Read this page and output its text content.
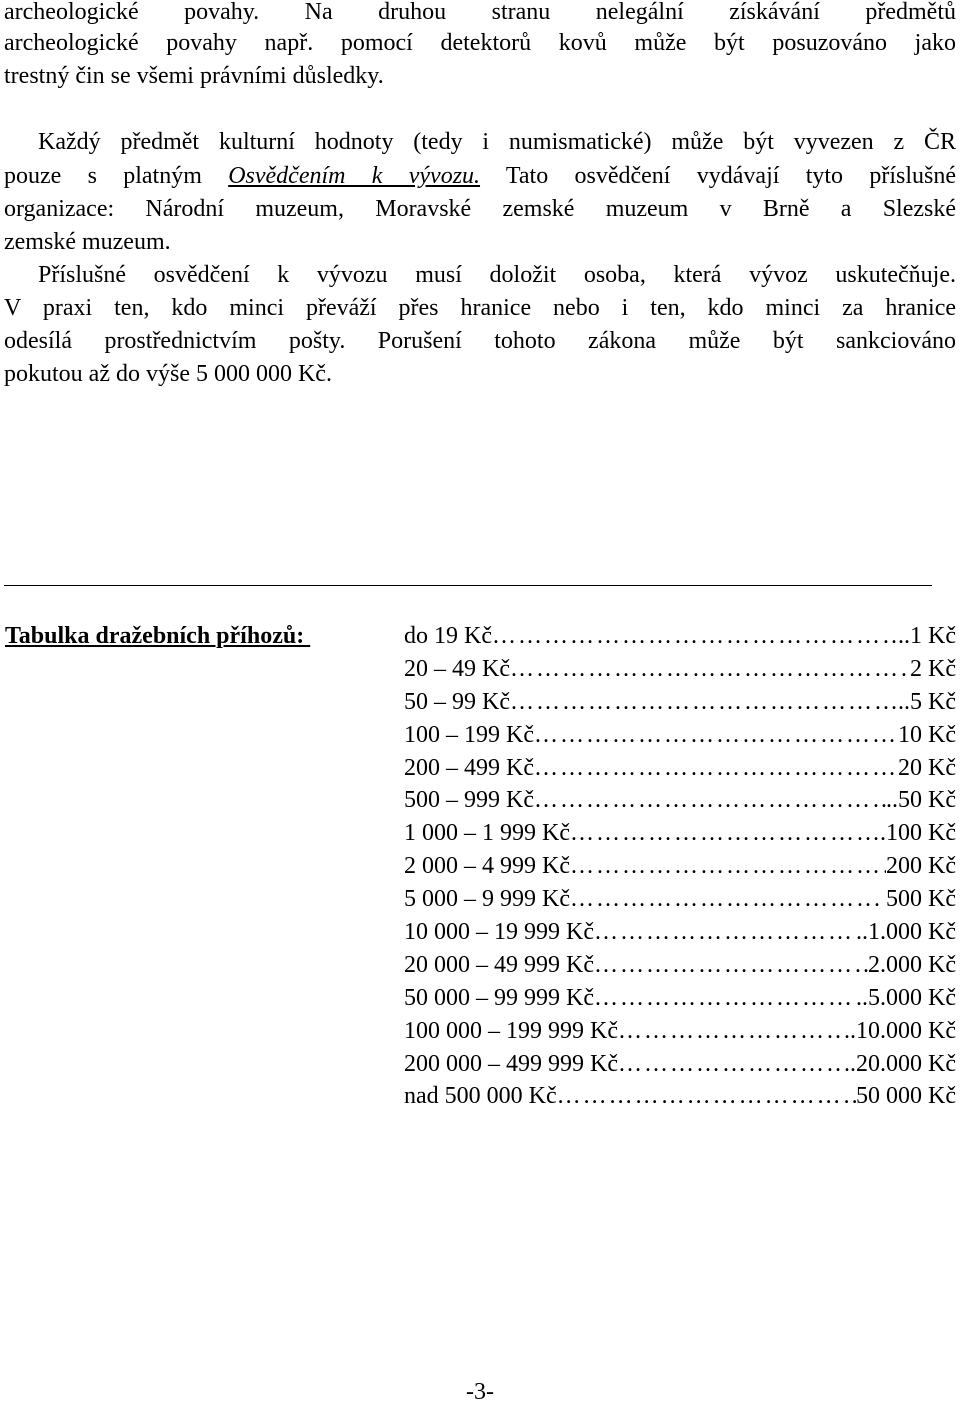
archeologické povahy. Na druhou stranu nelegální získávání předmětů
archeologické povahy např. pomocí detektorů kovů může být posuzováno jako
trestný čin se všemi právními důsledky.
Každý předmět kulturní hodnoty (tedy i numismatické) může být vyvezen z ČR
pouze s platným Osvědčením k vývozu. Tato osvědčení vydávají tyto příslušné
organizace: Národní muzeum, Moravské zemské muzeum v Brně a Slezské
zemské muzeum.
Příslušné osvědčení k vývozu musí doložit osoba, která vývoz uskutečňuje.
V praxi ten, kdo minci převáží přes hranice nebo i ten, kdo minci za hranice
odesílá prostřednictvím pošty. Porušení tohoto zákona může být sankciováno
pokutou až do výše 5 000 000 Kč.
Tabulka dražebních příhozů:	do 19 Kč …………………………………………………………………………………………………………	..1 Kč
20 – 49 Kč …………………………………………………………………………………………………………	2 Kč
50 – 99 Kč …………………………………………………………………………………………………………	..5 Kč
100 – 199 Kč …………………………………………………………………………………………………………	10 Kč
200 – 499 Kč …………………………………………………………………………………………………………	20 Kč
500 – 999 Kč …………………………………………………………………………………………………………	..50 Kč
1 000 – 1 999 Kč …………………………………………………………………………………………………………	.100 Kč
2 000 – 4 999 Kč …………………………………………………………………………………………………………	200 Kč
5 000 – 9 999 Kč …………………………………………………………………………………………………………	. 500 Kč
10 000 – 19 999 Kč …………………………………………………………………………………………………………	..1.000 Kč
20 000 – 49 999 Kč …………………………………………………………………………………………………………	2.000 Kč
50 000 – 99 999 Kč …………………………………………………………………………………………………………	..5.000 Kč
100 000 – 199 999 Kč …………………………………………………………………………………………………………	..10.000 Kč
200 000 – 499 999 Kč …………………………………………………………………………………………………………	..20.000 Kč
nad 500 000 Kč …………………………………………………………………………………………………………	50 000 Kč
-3-
